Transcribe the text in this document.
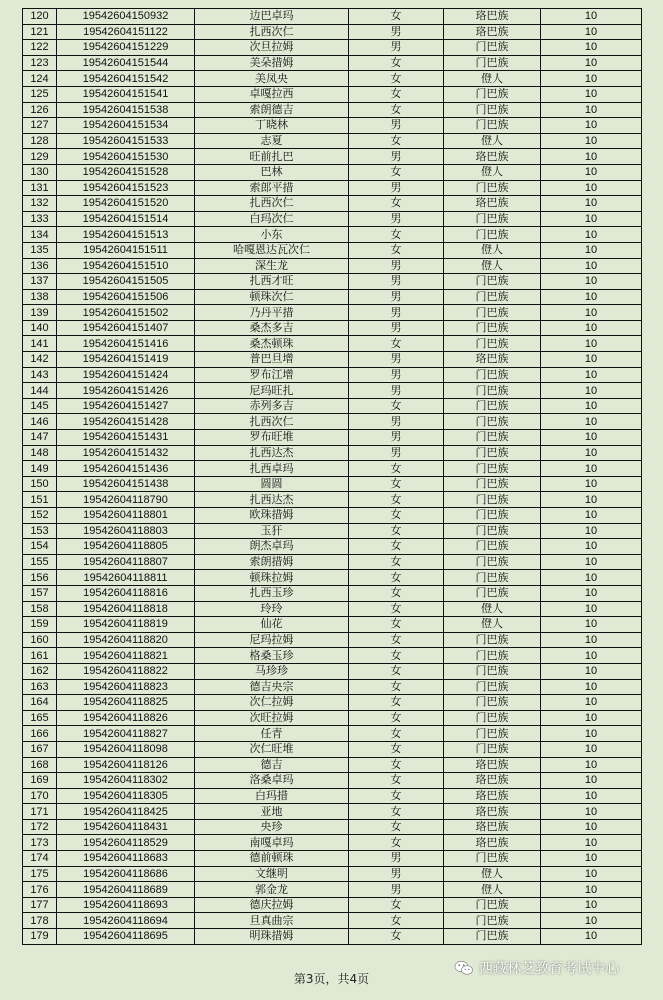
120	19542604150932	边巴卓玛	女	珞巴族	10
121	19542604151122	扎西次仁	男	珞巴族	10
122	19542604151229	次旦拉姆	男	门巴族	10
123	19542604151544	美朵措姆	女	门巴族	10
124	19542604151542	美凤央	女	僜人	10
125	19542604151541	卓嘎拉西	女	门巴族	10
126	19542604151538	索朗德吉	女	门巴族	10
127	19542604151534	丁晓林	男	门巴族	10
128	19542604151533	志夏	女	僜人	10
129	19542604151530	旺前扎巴	男	珞巴族	10
130	19542604151528	巴林	女	僜人	10
131	19542604151523	索郎平措	男	门巴族	10
132	19542604151520	扎西次仁	女	珞巴族	10
133	19542604151514	白玛次仁	男	门巴族	10
134	19542604151513	小东	女	门巴族	10
135	19542604151511	哈嘎恩达瓦次仁	女	僜人	10
136	19542604151510	深生龙	男	僜人	10
137	19542604151505	扎西才旺	男	门巴族	10
138	19542604151506	顿珠次仁	男	门巴族	10
139	19542604151502	乃丹平措	男	门巴族	10
140	19542604151407	桑杰多吉	男	门巴族	10
141	19542604151416	桑杰顿珠	女	门巴族	10
142	19542604151419	普巴旦增	男	珞巴族	10
143	19542604151424	罗布江增	男	门巴族	10
144	19542604151426	尼玛旺扎	男	门巴族	10
145	19542604151427	赤列多吉	女	门巴族	10
146	19542604151428	扎西次仁	男	门巴族	10
147	19542604151431	罗布旺堆	男	门巴族	10
148	19542604151432	扎西达杰	男	门巴族	10
149	19542604151436	扎西卓玛	女	门巴族	10
150	19542604151438	圆圆	女	门巴族	10
151	19542604118790	扎西达杰	女	门巴族	10
152	19542604118801	欧珠措姆	女	门巴族	10
153	19542604118803	玉犴	女	门巴族	10
154	19542604118805	朗杰卓玛	女	门巴族	10
155	19542604118807	索朗措姆	女	门巴族	10
156	19542604118811	顿珠拉姆	女	门巴族	10
157	19542604118816	扎西玉珍	女	门巴族	10
158	19542604118818	玲玲	女	僜人	10
159	19542604118819	仙花	女	僜人	10
160	19542604118820	尼玛拉姆	女	门巴族	10
161	19542604118821	格桑玉珍	女	门巴族	10
162	19542604118822	马珍珍	女	门巴族	10
163	19542604118823	德吉央宗	女	门巴族	10
164	19542604118825	次仁拉姆	女	门巴族	10
165	19542604118826	次旺拉姆	女	门巴族	10
166	19542604118827	任青	女	门巴族	10
167	19542604118098	次仁旺堆	女	门巴族	10
168	19542604118126	德吉	女	珞巴族	10
169	19542604118302	洛桑卓玛	女	珞巴族	10
170	19542604118305	白玛措	女	珞巴族	10
171	19542604118425	亚地	女	珞巴族	10
172	19542604118431	央珍	女	珞巴族	10
173	19542604118529	南嘎卓玛	女	珞巴族	10
174	19542604118683	德前顿珠	男	门巴族	10
175	19542604118686	文继明	男	僜人	10
176	19542604118689	郭金龙	男	僜人	10
177	19542604118693	德庆拉姆	女	门巴族	10
178	19542604118694	旦真曲宗	女	门巴族	10
179	19542604118695	明珠措姆	女	门巴族	10
第3页，共4页
西藏林芝教育考试中心
